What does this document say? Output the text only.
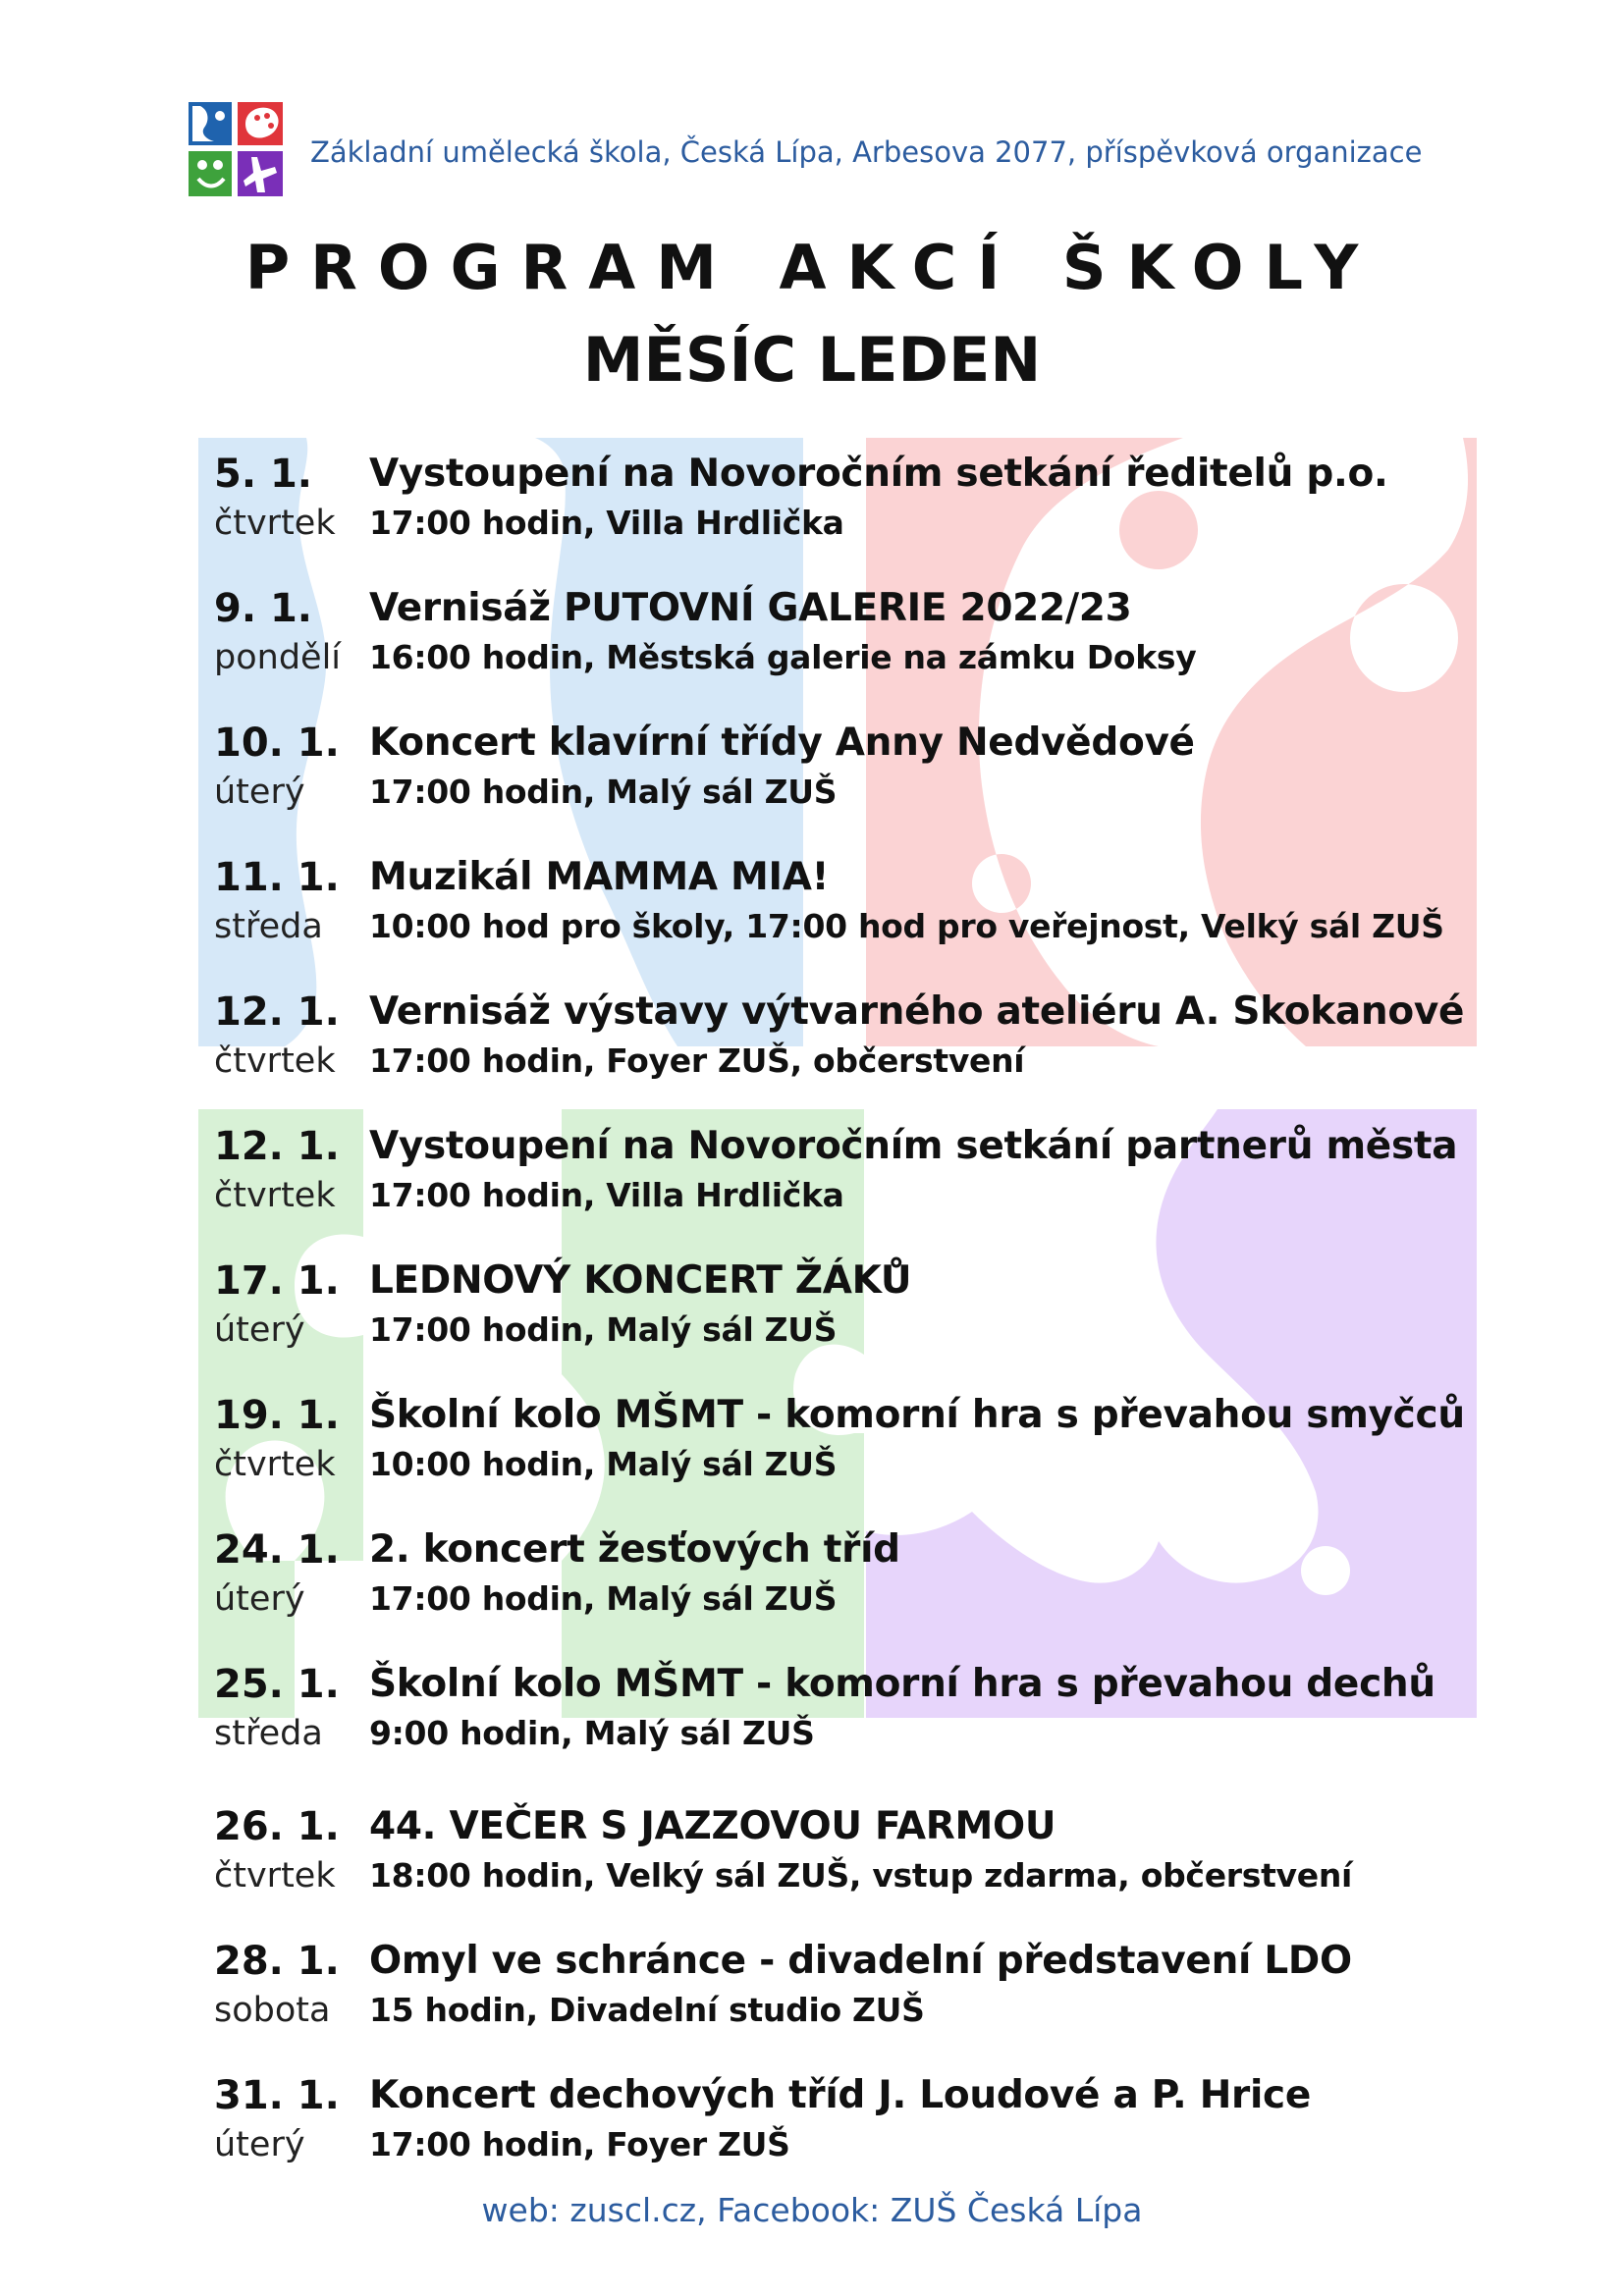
Základní umělecká škola, Česká Lípa, Arbesova 2077, příspěvková organizace
PROGRAM AKCÍ ŠKOLY
MĚSÍC LEDEN
5. 1.
čtvrtek
Vystoupení na Novoročním setkání ředitelů p.o.
17:00 hodin, Villa Hrdlička
9. 1.
pondělí
Vernisáž PUTOVNÍ GALERIE 2022/23
16:00 hodin, Městská galerie na zámku Doksy
10. 1.
úterý
Koncert klavírní třídy Anny Nedvědové
17:00 hodin, Malý sál ZUŠ
11. 1.
středa
Muzikál MAMMA MIA!
10:00 hod pro školy, 17:00 hod pro veřejnost, Velký sál ZUŠ
12. 1.
čtvrtek
Vernisáž výstavy výtvarného ateliéru A. Skokanové
17:00 hodin, Foyer ZUŠ, občerstvení
12. 1.
čtvrtek
Vystoupení na Novoročním setkání partnerů města
17:00 hodin, Villa Hrdlička
17. 1.
úterý
LEDNOVÝ KONCERT ŽÁKŮ
17:00 hodin, Malý sál ZUŠ
19. 1.
čtvrtek
Školní kolo MŠMT - komorní hra s převahou smyčců
10:00 hodin, Malý sál ZUŠ
24. 1.
úterý
2. koncert žesťových tříd
17:00 hodin, Malý sál ZUŠ
25. 1.
středa
Školní kolo MŠMT - komorní hra s převahou dechů
9:00 hodin, Malý sál ZUŠ
26. 1.
čtvrtek
44. VEČER S JAZZOVOU FARMOU
18:00 hodin, Velký sál ZUŠ, vstup zdarma, občerstvení
28. 1.
sobota
Omyl ve schránce - divadelní představení LDO
15 hodin, Divadelní studio ZUŠ
31. 1.
úterý
Koncert dechových tříd J. Loudové a P. Hrice
17:00 hodin, Foyer ZUŠ
web: zuscl.cz, Facebook: ZUŠ Česká Lípa
